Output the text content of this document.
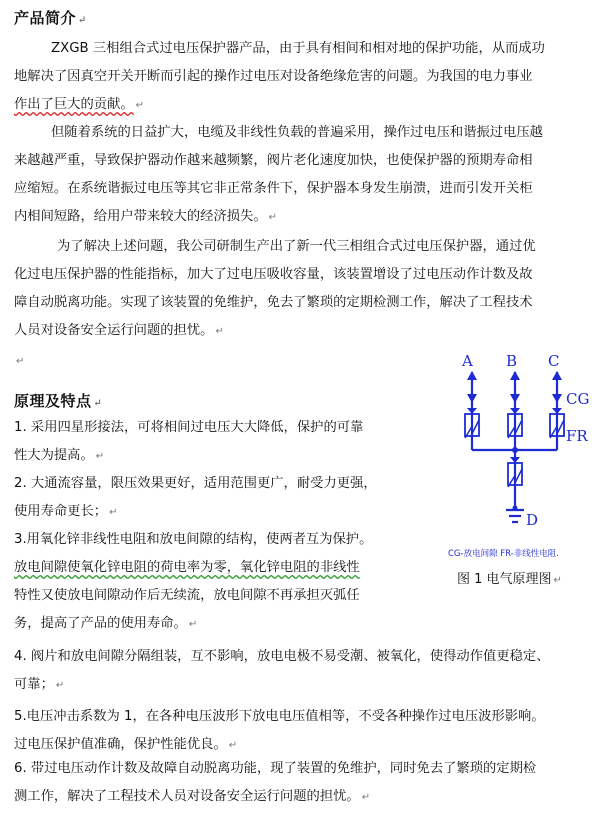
产品简介 ↵
ZXGB 三相组合式过电压保护器产品，由于具有相间和相对地的保护功能，从而成功
地解决了因真空开关开断而引起的操作过电压对设备绝缘危害的问题。为我国的电力事业
作出了巨大的贡献。 ↵
但随着系统的日益扩大，电缆及非线性负载的普遍采用，操作过电压和谐振过电压越
来越越严重，导致保护器动作越来越频繁，阀片老化速度加快，也使保护器的预期寿命相
应缩短。在系统谐振过电压等其它非正常条件下，保护器本身发生崩溃，进而引发开关柜
内相间短路，给用户带来较大的经济损失。 ↵
为了解决上述问题，我公司研制生产出了新一代三相组合式过电压保护器，通过优
化过电压保护器的性能指标，加大了过电压吸收容量，该装置增设了过电压动作计数及故
障自动脱离功能。实现了该装置的免维护，免去了繁琐的定期检测工作，解决了工程技术
人员对设备安全运行问题的担忧。 ↵
↵
原理及特点 ↵
1. 采用四星形接法，可将相间过电压大大降低，保护的可靠
性大为提高。 ↵
2. 大通流容量，限压效果更好，适用范围更广，耐受力更强，
使用寿命更长； ↵
3.用氧化锌非线性电阻和放电间隙的结构，使两者互为保护。
放电间隙使氧化锌电阻的荷电率为零，氧化锌电阻的非线性
特性又使放电间隙动作后无续流，放电间隙不再承担灭弧任
务，提高了产品的使用寿命。 ↵
4. 阀片和放电间隙分隔组装，互不影响，放电电极不易受潮、被氧化，使得动作值更稳定、
可靠； ↵
5.电压冲击系数为 1，在各种电压波形下放电电压值相等，不受各种操作过电压波形影响。
过电压保护值准确，保护性能优良。 ↵
6. 带过电压动作计数及故障自动脱离功能，现了装置的免维护，同时免去了繁琐的定期检
测工作，解决了工程技术人员对设备安全运行问题的担忧。 ↵
A B C
CG
FR
D
CG-放电间隙 FR-非线性电阻.
图 1 电气原理图 ↵
